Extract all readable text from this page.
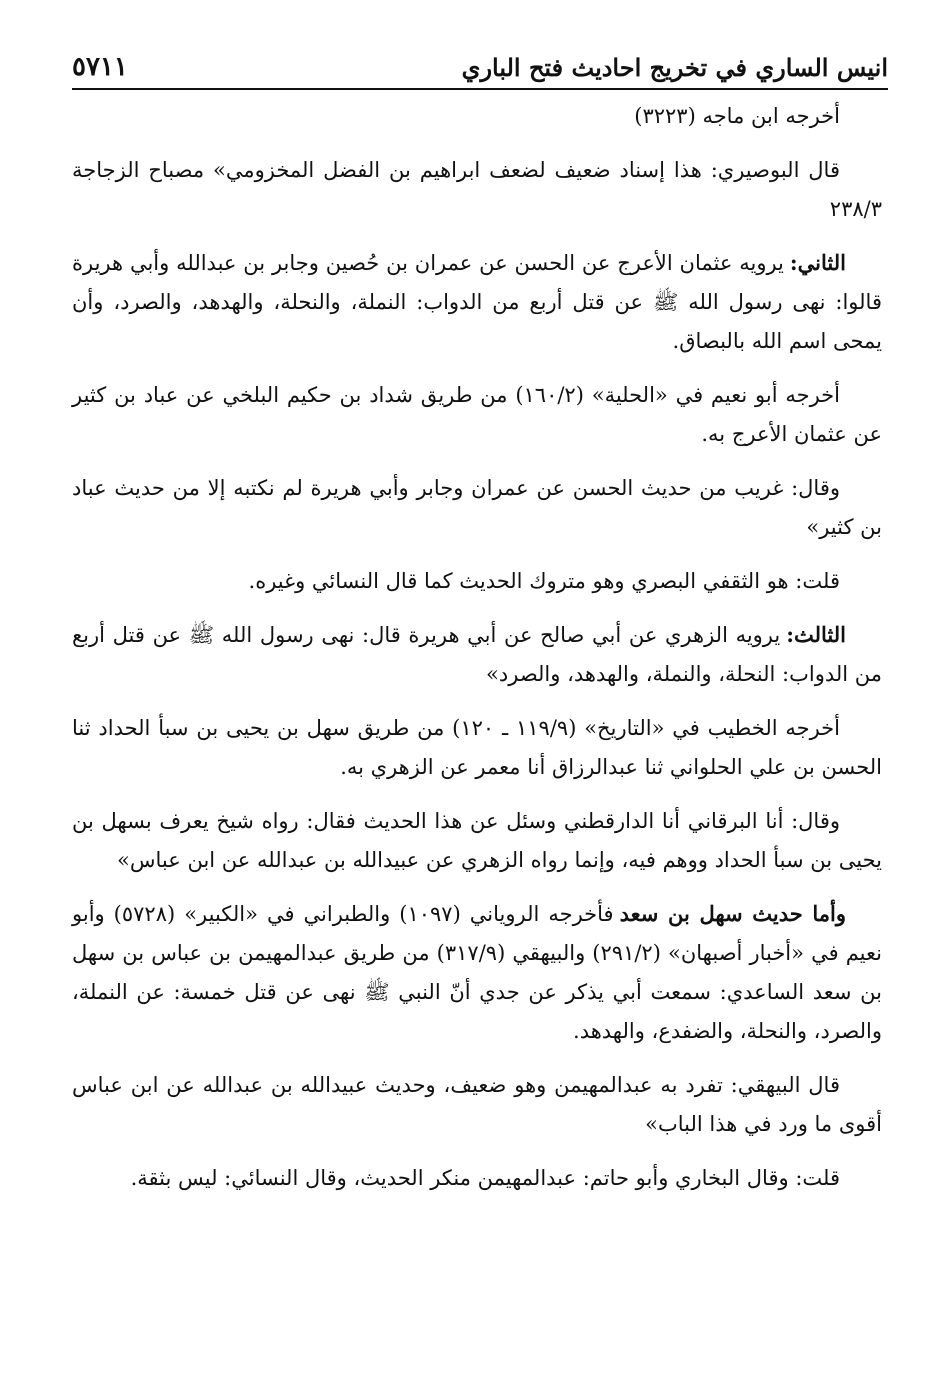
انيس الساري في تخريج احاديث فتح الباري
٥٧١١

أخرجه ابن ماجه (٣٢٢٣)

قال البوصيري: هذا إسناد ضعيف لضعف ابراهيم بن الفضل المخزومي» مصباح الزجاجة ٢٣٨/٣

الثاني:يرويه عثمان الأعرج عن الحسن عن عمران بن حُصين وجابر بن عبدالله وأبي هريرة قالوا: نهى رسول الله ﷺ عن قتل أربع من الدواب: النملة، والنحلة، والهدهد، والصرد، وأن يمحى اسم الله بالبصاق.

أخرجه أبو نعيم في «الحلية» (١٦٠/٢) من طريق شداد بن حكيم البلخي عن عباد بن كثير عن عثمان الأعرج به.

وقال: غريب من حديث الحسن عن عمران وجابر وأبي هريرة لم نكتبه إلا من حديث عباد بن كثير»

قلت: هو الثقفي البصري وهو متروك الحديث كما قال النسائي وغيره.

الثالث:يرويه الزهري عن أبي صالح عن أبي هريرة قال: نهى رسول الله ﷺ عن قتل أربع من الدواب: النحلة، والنملة، والهدهد، والصرد»

أخرجه الخطيب في «التاريخ» (١١٩/٩ ـ ١٢٠) من طريق سهل بن يحيى بن سبأ الحداد ثنا الحسن بن علي الحلواني ثنا عبدالرزاق أنا معمر عن الزهري به.

وقال: أنا البرقاني أنا الدارقطني وسئل عن هذا الحديث فقال: رواه شيخ يعرف بسهل بن يحيى بن سبأ الحداد ووهم فيه، وإنما رواه الزهري عن عبيدالله بن عبدالله عن ابن عباس»

وأما حديث سهل بن سعدفأخرجه الروياني (١٠٩٧) والطبراني في «الكبير» (٥٧٢٨) وأبو نعيم في «أخبار أصبهان» (٢٩١/٢) والبيهقي (٣١٧/٩) من طريق عبدالمهيمن بن عباس بن سهل بن سعد الساعدي: سمعت أبي يذكر عن جدي أنّ النبي ﷺ نهى عن قتل خمسة: عن النملة، والصرد، والنحلة، والضفدع، والهدهد.

قال البيهقي: تفرد به عبدالمهيمن وهو ضعيف، وحديث عبيدالله بن عبدالله عن ابن عباس أقوى ما ورد في هذا الباب»

قلت: وقال البخاري وأبو حاتم: عبدالمهيمن منكر الحديث، وقال النسائي: ليس بثقة.
